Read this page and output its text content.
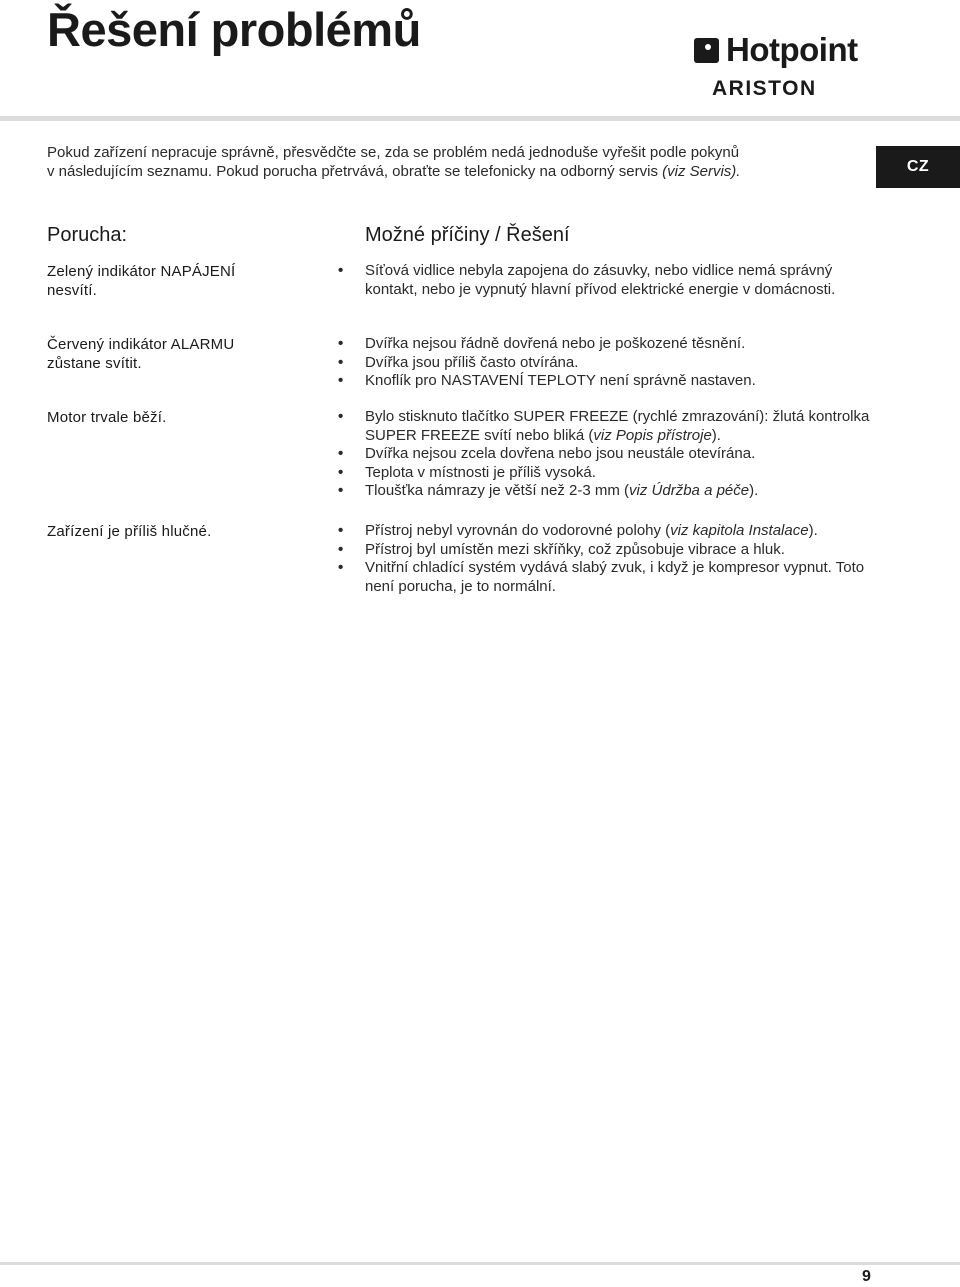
Řešení problémů	Hotpoint
ARISTON
Pokud zařízení nepracuje správně, přesvědčte se, zda se problém nedá jednoduše vyřešit podle pokynů
v následujícím seznamu. Pokud porucha přetrvává, obraťte se telefonicky na odborný servis (viz Servis).	CZ
Porucha:	Možné příčiny / Řešení
Zelený indikátor NAPÁJENÍ nesvítí.
• Síťová vidlice nebyla zapojena do zásuvky, nebo vidlice nemá správný kontakt, nebo je vypnutý hlavní přívod elektrické energie v domácnosti.
Červený indikátor ALARMU zůstane svítit.
• Dvířka nejsou řádně dovřená nebo je poškozené těsnění.
• Dvířka jsou příliš často otvírána.
• Knoflík pro NASTAVENÍ TEPLOTY není správně nastaven.
Motor trvale běží.	• Bylo stisknuto tlačítko SUPER FREEZE (rychlé zmrazování): žlutá kontrolka SUPER FREEZE svítí nebo bliká (viz Popis přístroje).
• Dvířka nejsou zcela dovřena nebo jsou neustále otevírána.
• Teplota v místnosti je příliš vysoká.
• Tloušťka námrazy je větší než 2-3 mm (viz Údržba a péče).
Zařízení je příliš hlučné.	• Přístroj nebyl vyrovnán do vodorovné polohy (viz kapitola Instalace).
• Přístroj byl umístěn mezi skříňky, což způsobuje vibrace a hluk.
• Vnitřní chladící systém vydává slabý zvuk, i když je kompresor vypnut. Toto není porucha, je to normální.
9
